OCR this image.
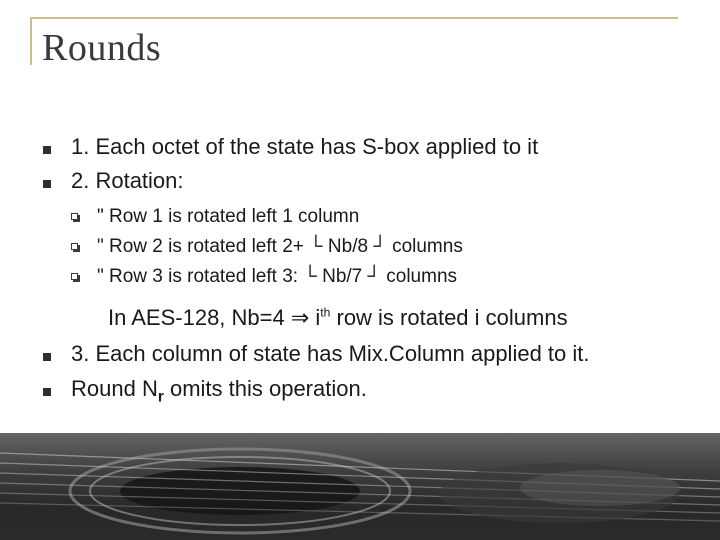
Rounds
1. Each octet of the state has S-box applied to it
2. Rotation:
" Row 1 is rotated left 1 column
" Row 2 is rotated left 2+ └ Nb/8 ┘ columns
" Row 3 is rotated left 3: └ Nb/7 ┘ columns
In AES-128, Nb=4 ⇒ $i^{th}$ row is rotated i columns
3. Each column of state has Mix.Column applied to it.
Round $N_r$ omits this operation.
